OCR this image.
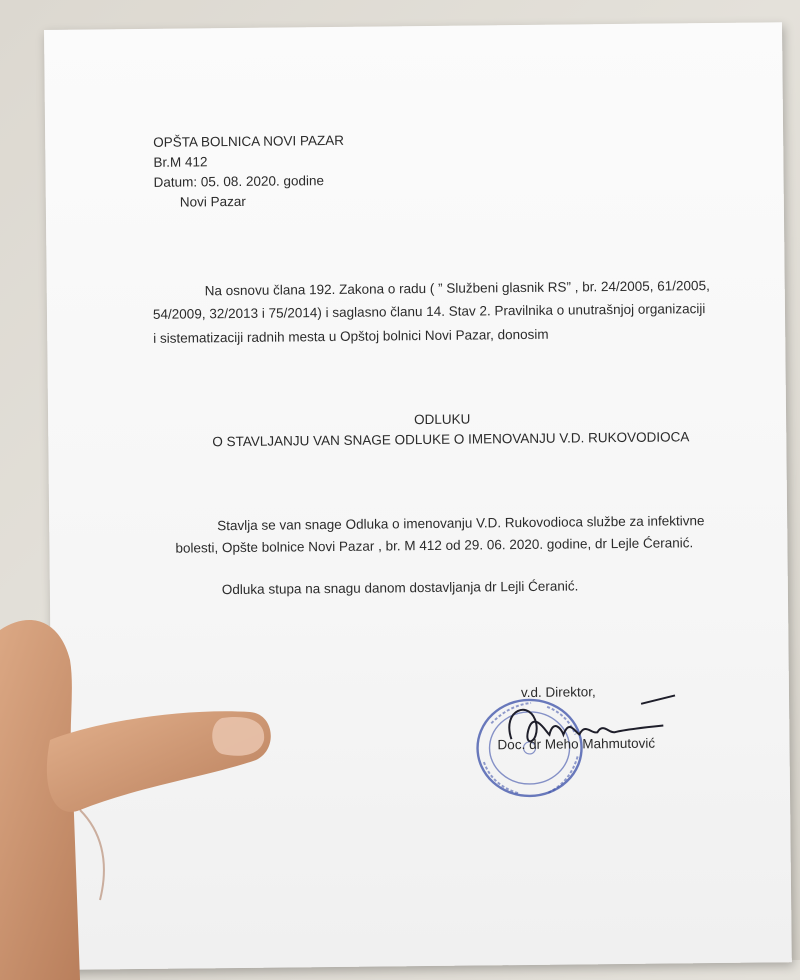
OPŠTA BOLNICA NOVI PAZAR
Br.M 412
Datum: 05. 08. 2020. godine
Novi Pazar
Na osnovu člana 192. Zakona o radu ( ” Službeni glasnik RS” , br. 24/2005, 61/2005,
54/2009, 32/2013 i 75/2014) i saglasno članu 14. Stav 2. Pravilnika o unutrašnjoj organizaciji
i sistematizaciji radnih mesta u Opštoj bolnici Novi Pazar, donosim
ODLUKU
O STAVLJANJU VAN SNAGE ODLUKE O IMENOVANJU V.D. RUKOVODIOCA
Stavlja se van snage Odluka o imenovanju V.D. Rukovodioca službe za infektivne
bolesti, Opšte bolnice Novi Pazar , br. M 412 od 29. 06. 2020. godine, dr Lejle Ćeranić.
Odluka stupa na snagu danom dostavljanja dr Lejli Ćeranić.
v.d. Direktor,
Doc. dr Meho Mahmutović
